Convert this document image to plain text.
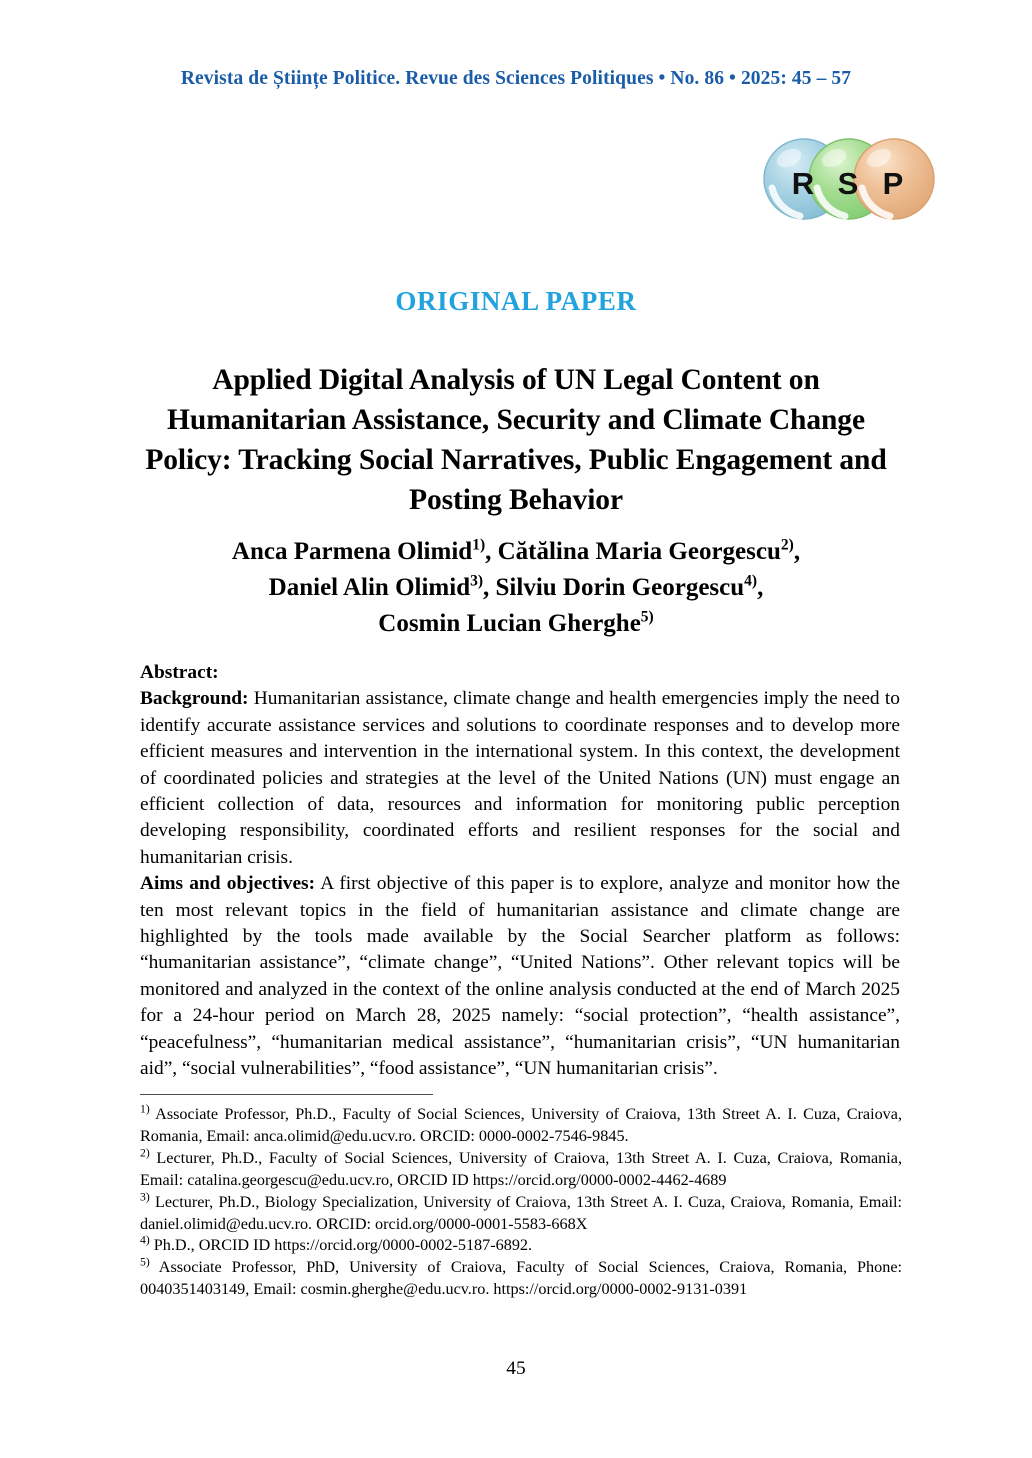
Revista de Științe Politice. Revue des Sciences Politiques • No. 86 • 2025: 45 – 57
R S P
ORIGINAL PAPER
Applied Digital Analysis of UN Legal Content on Humanitarian Assistance, Security and Climate Change Policy: Tracking Social Narratives, Public Engagement and Posting Behavior
Anca Parmena Olimid$^{1)}$, Cătălina Maria Georgescu$^{2)}$,
Daniel Alin Olimid$^{3)}$, Silviu Dorin Georgescu$^{4)}$,
Cosmin Lucian Gherghe$^{5)}$

Abstract:

Background: Humanitarian assistance, climate change and health emergencies imply the need to identify accurate assistance services and solutions to coordinate responses and to develop more efficient measures and intervention in the international system. In this context, the development of coordinated policies and strategies at the level of the United Nations (UN) must engage an efficient collection of data, resources and information for monitoring public perception developing responsibility, coordinated efforts and resilient responses for the social and humanitarian crisis.

Aims and objectives: A first objective of this paper is to explore, analyze and monitor how the ten most relevant topics in the field of humanitarian assistance and climate change are highlighted by the tools made available by the Social Searcher platform as follows: “humanitarian assistance”, “climate change”, “United Nations”. Other relevant topics will be monitored and analyzed in the context of the online analysis conducted at the end of March 2025 for a 24-hour period on March 28, 2025 namely: “social protection”, “health assistance”, “peacefulness”, “humanitarian medical assistance”, “humanitarian crisis”, “UN humanitarian aid”, “social vulnerabilities”, “food assistance”, “UN humanitarian crisis”.

$^{1)}$ Associate Professor, Ph.D., Faculty of Social Sciences, University of Craiova, 13th Street A. I. Cuza, Craiova, Romania, Email: anca.olimid@edu.ucv.ro. ORCID: 0000-0002-7546-9845.

$^{2)}$ Lecturer, Ph.D., Faculty of Social Sciences, University of Craiova, 13th Street A. I. Cuza, Craiova, Romania, Email: catalina.georgescu@edu.ucv.ro, ORCID ID https://orcid.org/0000-0002-4462-4689

$^{3)}$ Lecturer, Ph.D., Biology Specialization, University of Craiova, 13th Street A. I. Cuza, Craiova, Romania, Email: daniel.olimid@edu.ucv.ro. ORCID: orcid.org/0000-0001-5583-668X

$^{4)}$ Ph.D., ORCID ID https://orcid.org/0000-0002-5187-6892.

$^{5)}$ Associate Professor, PhD, University of Craiova, Faculty of Social Sciences, Craiova, Romania, Phone: 0040351403149, Email: cosmin.gherghe@edu.ucv.ro. https://orcid.org/0000-0002-9131-0391

45
